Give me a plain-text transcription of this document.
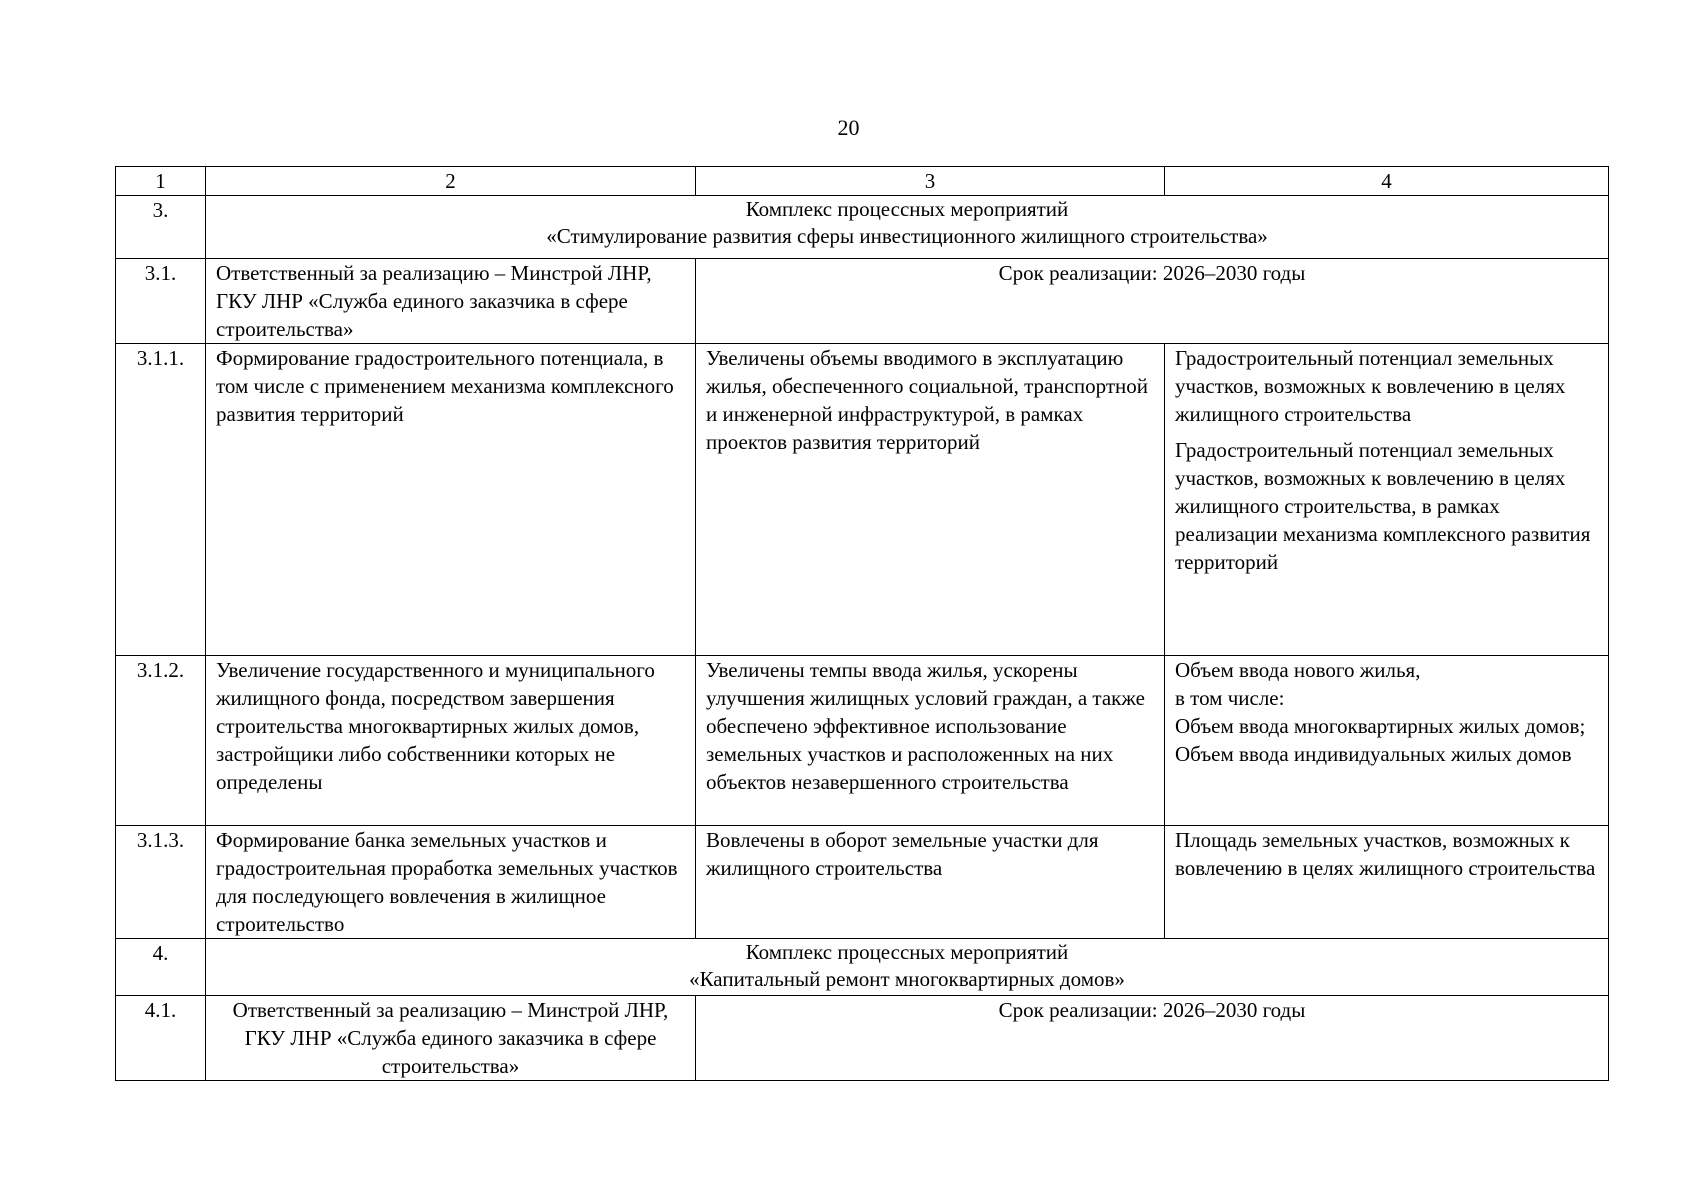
20
1	2	3	4
3.	Комплекс процессных мероприятий
«Стимулирование развития сферы инвестиционного жилищного строительства»		

3.1.	Ответственный за реализацию – Минстрой ЛНР, ГКУ ЛНР «Служба единого заказчика в сфере строительства»	Срок реализации: 2026–2030 годы	
3.1.1.	Формирование градостроительного потенциала, в том числе с применением механизма комплексного развития территорий	Увеличены объемы вводимого в эксплуатацию жилья, обеспеченного социальной, транспортной и инженерной инфраструктурой, в рамках проектов развития территорий	Градостроительный потенциал земельных участков, возможных к вовлечению в целях жилищного строительства
Градостроительный потенциал земельных участков, возможных к вовлечению в целях жилищного строительства, в рамках реализации механизма комплексного развития территорий

3.1.2.	Увеличение государственного и муниципального жилищного фонда, посредством завершения строительства многоквартирных жилых домов, застройщики либо собственники которых не определены	Увеличены темпы ввода жилья, ускорены улучшения жилищных условий граждан, а также обеспечено эффективное использование земельных участков и расположенных на них объектов незавершенного строительства	Объем ввода нового жилья,
в том числе:
Объем ввода многоквартирных жилых домов;
Объем ввода индивидуальных жилых домов

3.1.3.	Формирование банка земельных участков и градостроительная проработка земельных участков для последующего вовлечения в жилищное строительство	Вовлечены в оборот земельные участки для жилищного строительства	Площадь земельных участков, возможных к вовлечению в целях жилищного строительства
4.	Комплекс процессных мероприятий
«Капитальный ремонт многоквартирных домов»		

4.1.	Ответственный за реализацию – Минстрой ЛНР, ГКУ ЛНР «Служба единого заказчика в сфере строительства»	Срок реализации: 2026–2030 годы	
